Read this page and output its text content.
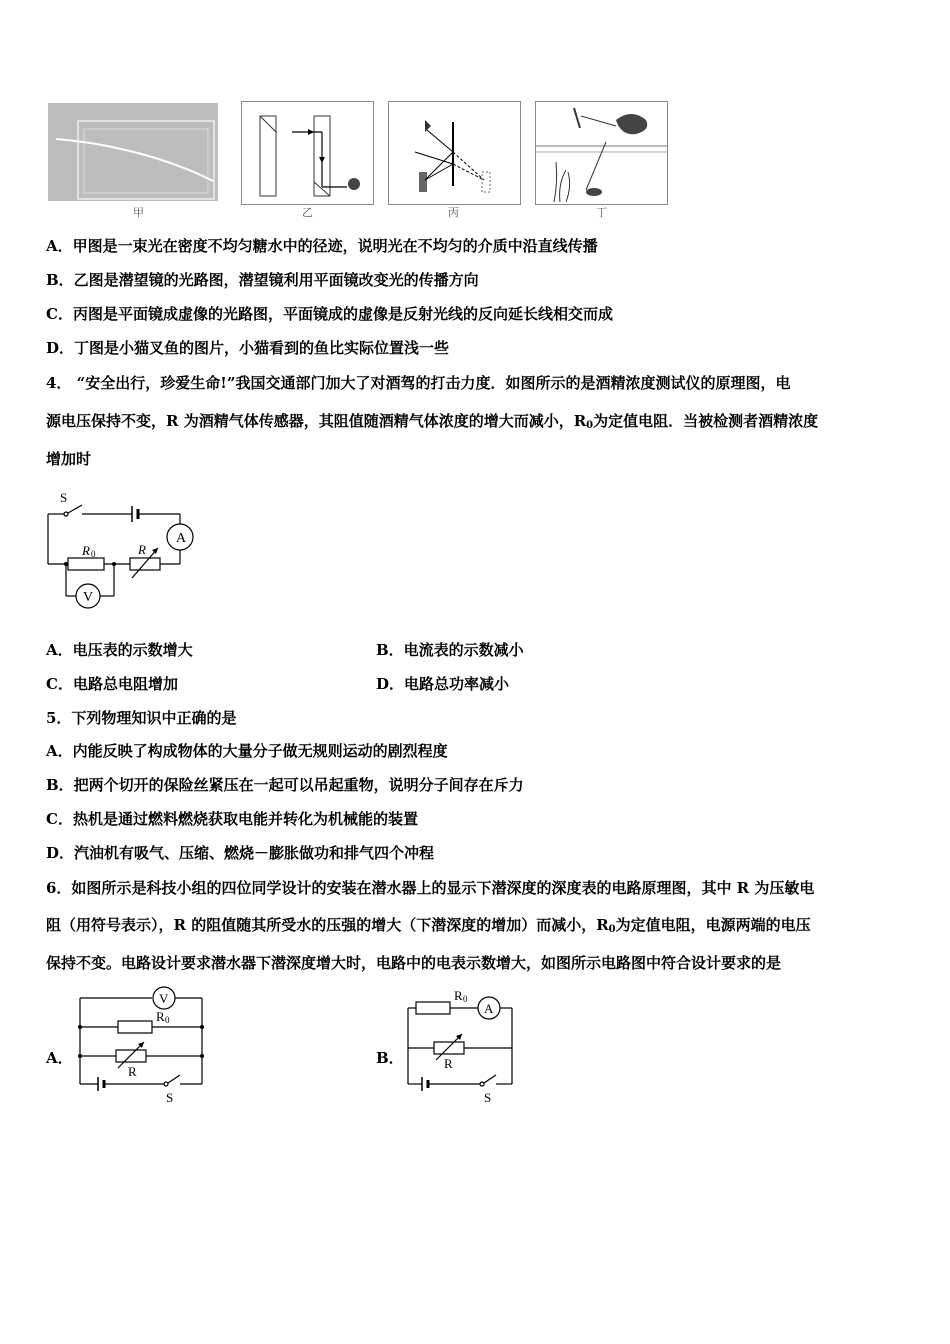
甲	乙	丙	丁
A．甲图是一束光在密度不均匀糖水中的径迹，说明光在不均匀的介质中沿直线传播
B．乙图是潜望镜的光路图，潜望镜利用平面镜改变光的传播方向
C．丙图是平面镜成虚像的光路图，平面镜成的虚像是反射光线的反向延长线相交而成
D．丁图是小猫叉鱼的图片，小猫看到的鱼比实际位置浅一些
4． “安全出行，珍爱生命!”我国交通部门加大了对酒驾的打击力度．如图所示的是酒精浓度测试仪的原理图，电
源电压保持不变，R 为酒精气体传感器，其阻值随酒精气体浓度的增大而减小，$R_0$为定值电阻．当被检测者酒精浓度
增加时
S
A
R 0	R
V
A．电压表的示数增大	B．电流表的示数减小
C．电路总电阻增加	D．电路总功率减小
5．下列物理知识中正确的是
A．内能反映了构成物体的大量分子做无规则运动的剧烈程度
B．把两个切开的保险丝紧压在一起可以吊起重物，说明分子间存在斥力
C．热机是通过燃料燃烧获取电能并转化为机械能的装置
D．汽油机有吸气、压缩、燃烧－膨胀做功和排气四个冲程
6．如图所示是科技小组的四位同学设计的安装在潜水器上的显示下潜深度的深度表的电路原理图，其中 R 为压敏电
阻（用符号表示），R 的阻值随其所受水的压强的增大（下潜深度的增加）而减小，$R_0$为定值电阻，电源两端的电压
保持不变。电路设计要求潜水器下潜深度增大时，电路中的电表示数增大，如图所示电路图中符合设计要求的是
A．
V
R 0
R
S
B．
R 0
A
R
S
